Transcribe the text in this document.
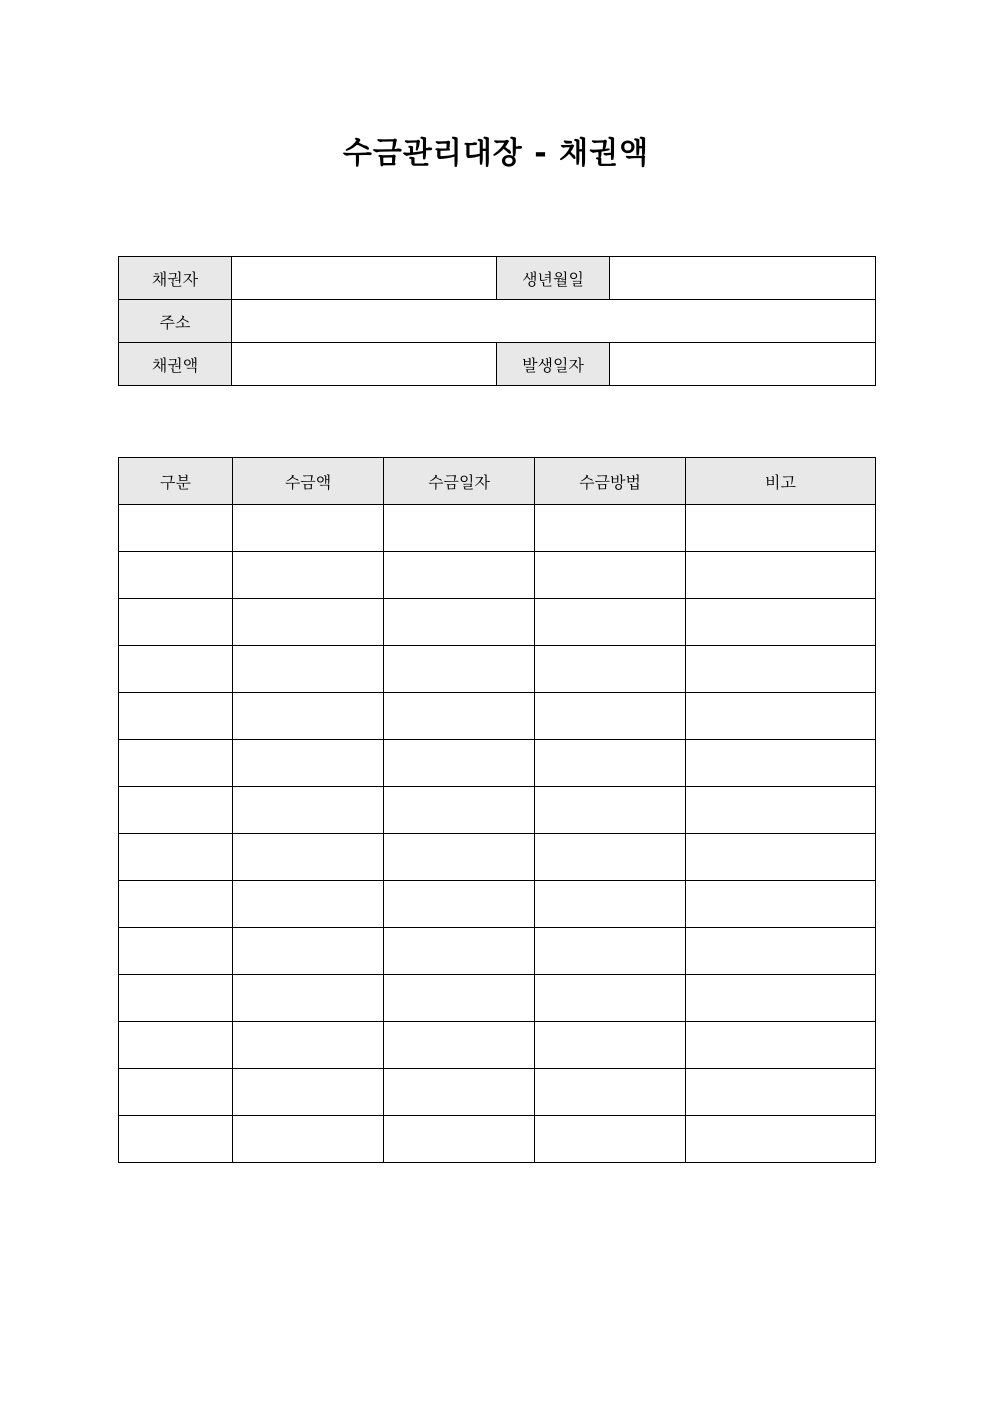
수금관리대장 - 채권액
채권자		생년월일	
주소			
채권액		발생일자	
구분	수금액	수금일자	수금방법	비고
